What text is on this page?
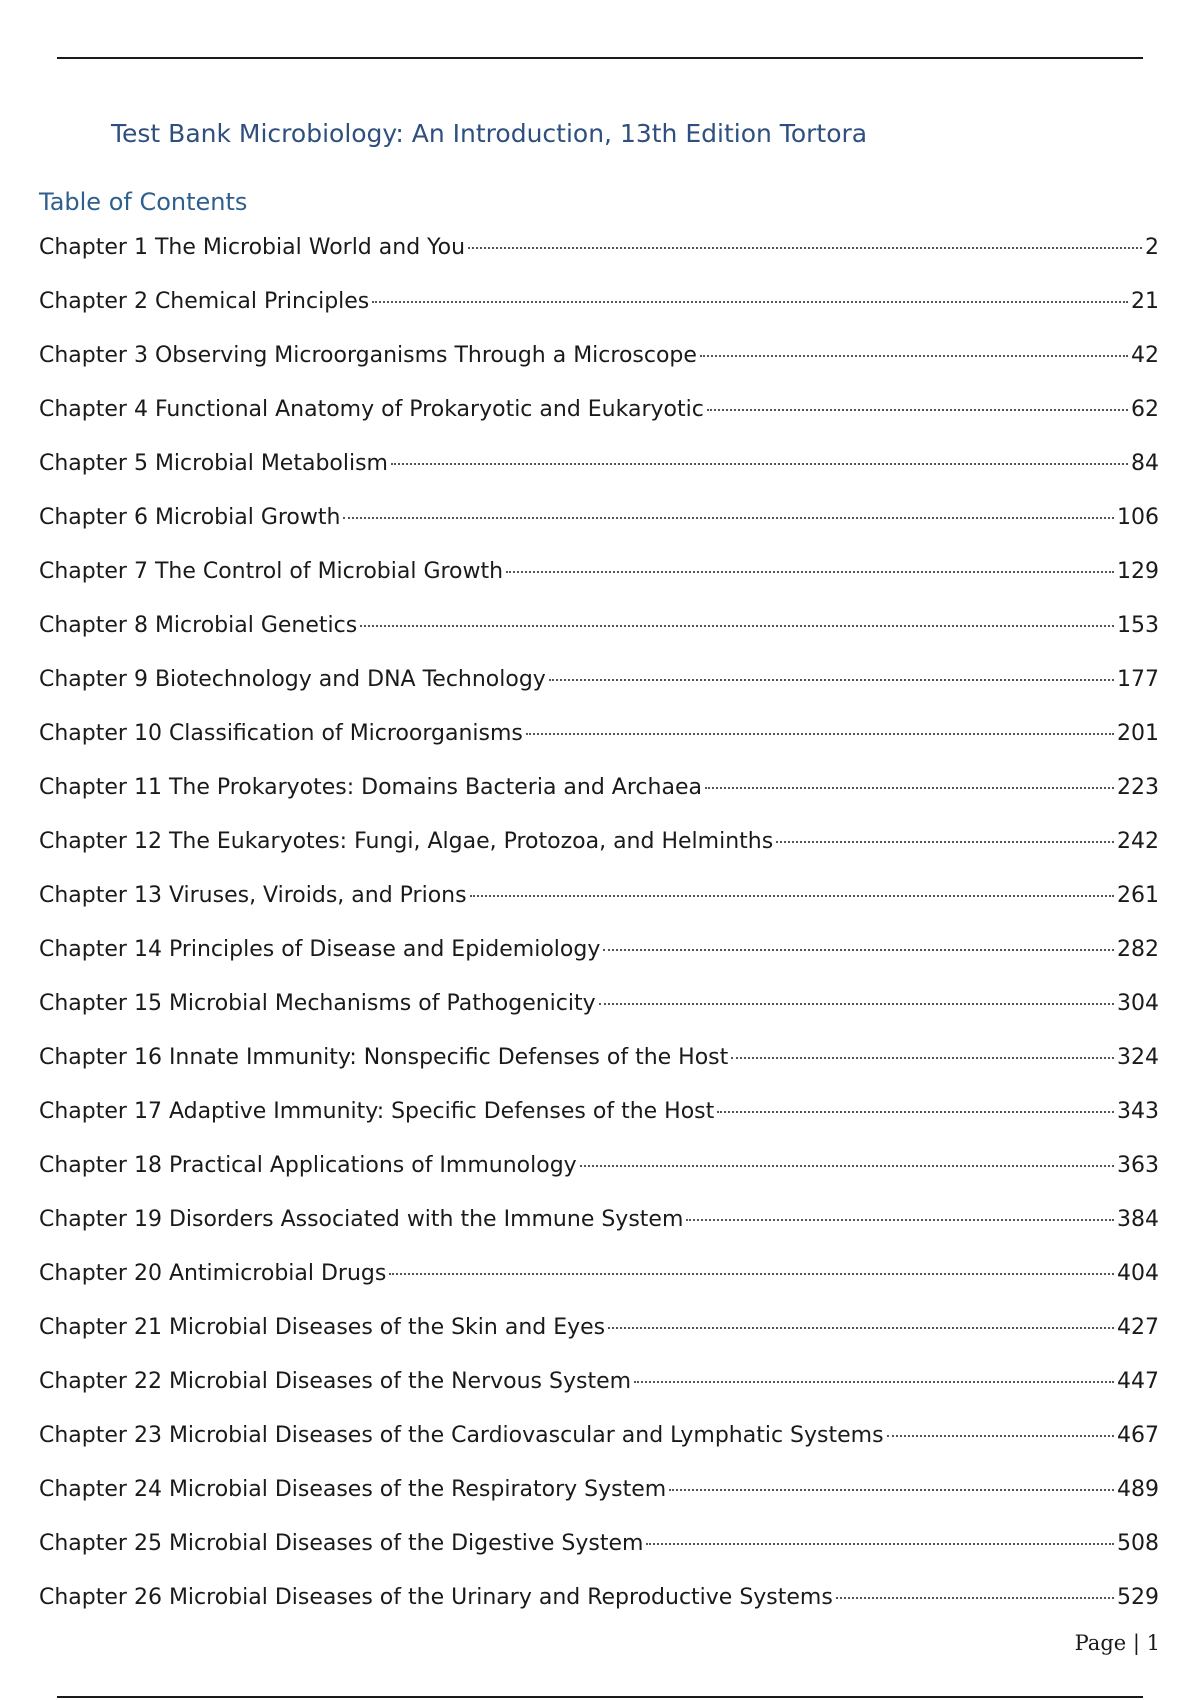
Test Bank Microbiology: An Introduction, 13th Edition Tortora
Table of Contents
Chapter 1 The Microbial World and You	2
Chapter 2 Chemical Principles	21
Chapter 3 Observing Microorganisms Through a Microscope	42
Chapter 4 Functional Anatomy of Prokaryotic and Eukaryotic	62
Chapter 5 Microbial Metabolism	84
Chapter 6 Microbial Growth	106
Chapter 7 The Control of Microbial Growth	129
Chapter 8 Microbial Genetics	153
Chapter 9 Biotechnology and DNA Technology	177
Chapter 10 Classification of Microorganisms	201
Chapter 11 The Prokaryotes: Domains Bacteria and Archaea	223
Chapter 12 The Eukaryotes: Fungi, Algae, Protozoa, and Helminths	242
Chapter 13 Viruses, Viroids, and Prions	261
Chapter 14 Principles of Disease and Epidemiology	282
Chapter 15 Microbial Mechanisms of Pathogenicity	304
Chapter 16 Innate Immunity: Nonspecific Defenses of the Host	324
Chapter 17 Adaptive Immunity: Specific Defenses of the Host	343
Chapter 18 Practical Applications of Immunology	363
Chapter 19 Disorders Associated with the Immune System	384
Chapter 20 Antimicrobial Drugs	404
Chapter 21 Microbial Diseases of the Skin and Eyes	427
Chapter 22 Microbial Diseases of the Nervous System	447
Chapter 23 Microbial Diseases of the Cardiovascular and Lymphatic Systems	467
Chapter 24 Microbial Diseases of the Respiratory System	489
Chapter 25 Microbial Diseases of the Digestive System	508
Chapter 26 Microbial Diseases of the Urinary and Reproductive Systems	529
Page | 1
